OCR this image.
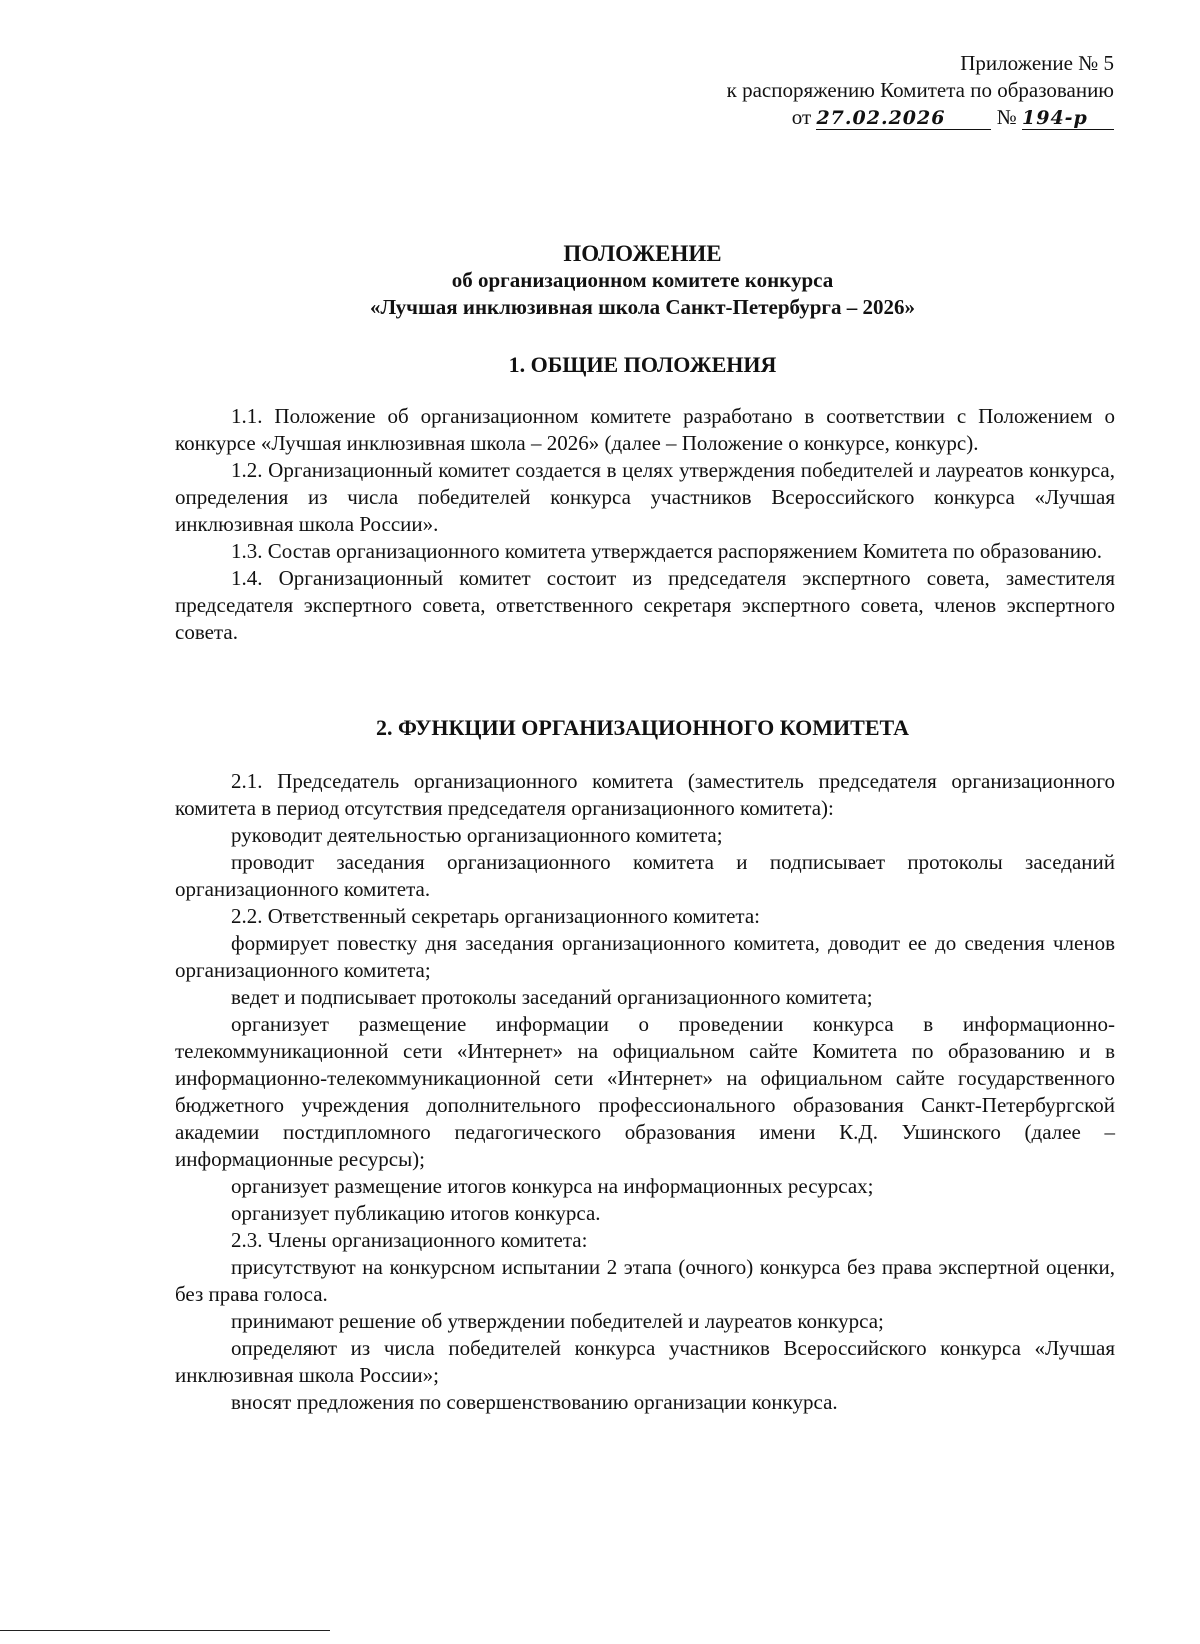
Приложение № 5
к распоряжению Комитета по образованию
от 27.02.2026 № 194-р
ПОЛОЖЕНИЕ
об организационном комитете конкурса
«Лучшая инклюзивная школа Санкт-Петербурга – 2026»
1. ОБЩИЕ ПОЛОЖЕНИЯ

1.1. Положение об организационном комитете разработано в соответствии с Положением о конкурсе «Лучшая инклюзивная школа – 2026» (далее – Положение о конкурсе, конкурс).

1.2. Организационный комитет создается в целях утверждения победителей и лауреатов конкурса, определения из числа победителей конкурса участников Всероссийского конкурса «Лучшая инклюзивная школа России».

1.3. Состав организационного комитета утверждается распоряжением Комитета по образованию.

1.4. Организационный комитет состоит из председателя экспертного совета, заместителя председателя экспертного совета, ответственного секретаря экспертного совета, членов экспертного совета.

2. ФУНКЦИИ ОРГАНИЗАЦИОННОГО КОМИТЕТА

2.1. Председатель организационного комитета (заместитель председателя организационного комитета в период отсутствия председателя организационного комитета):

руководит деятельностью организационного комитета;

проводит заседания организационного комитета и подписывает протоколы заседаний организационного комитета.

2.2. Ответственный секретарь организационного комитета:

формирует повестку дня заседания организационного комитета, доводит ее до сведения членов организационного комитета;

ведет и подписывает протоколы заседаний организационного комитета;

организует размещение информации о проведении конкурса в информационно-телекоммуникационной сети «Интернет» на официальном сайте Комитета по образованию и в информационно-телекоммуникационной сети «Интернет» на официальном сайте государственного бюджетного учреждения дополнительного профессионального образования Санкт-Петербургской академии постдипломного педагогического образования имени К.Д. Ушинского (далее – информационные ресурсы);

организует размещение итогов конкурса на информационных ресурсах;

организует публикацию итогов конкурса.

2.3. Члены организационного комитета:

присутствуют на конкурсном испытании 2 этапа (очного) конкурса без права экспертной оценки, без права голоса.

принимают решение об утверждении победителей и лауреатов конкурса;

определяют из числа победителей конкурса участников Всероссийского конкурса «Лучшая инклюзивная школа России»;

вносят предложения по совершенствованию организации конкурса.
